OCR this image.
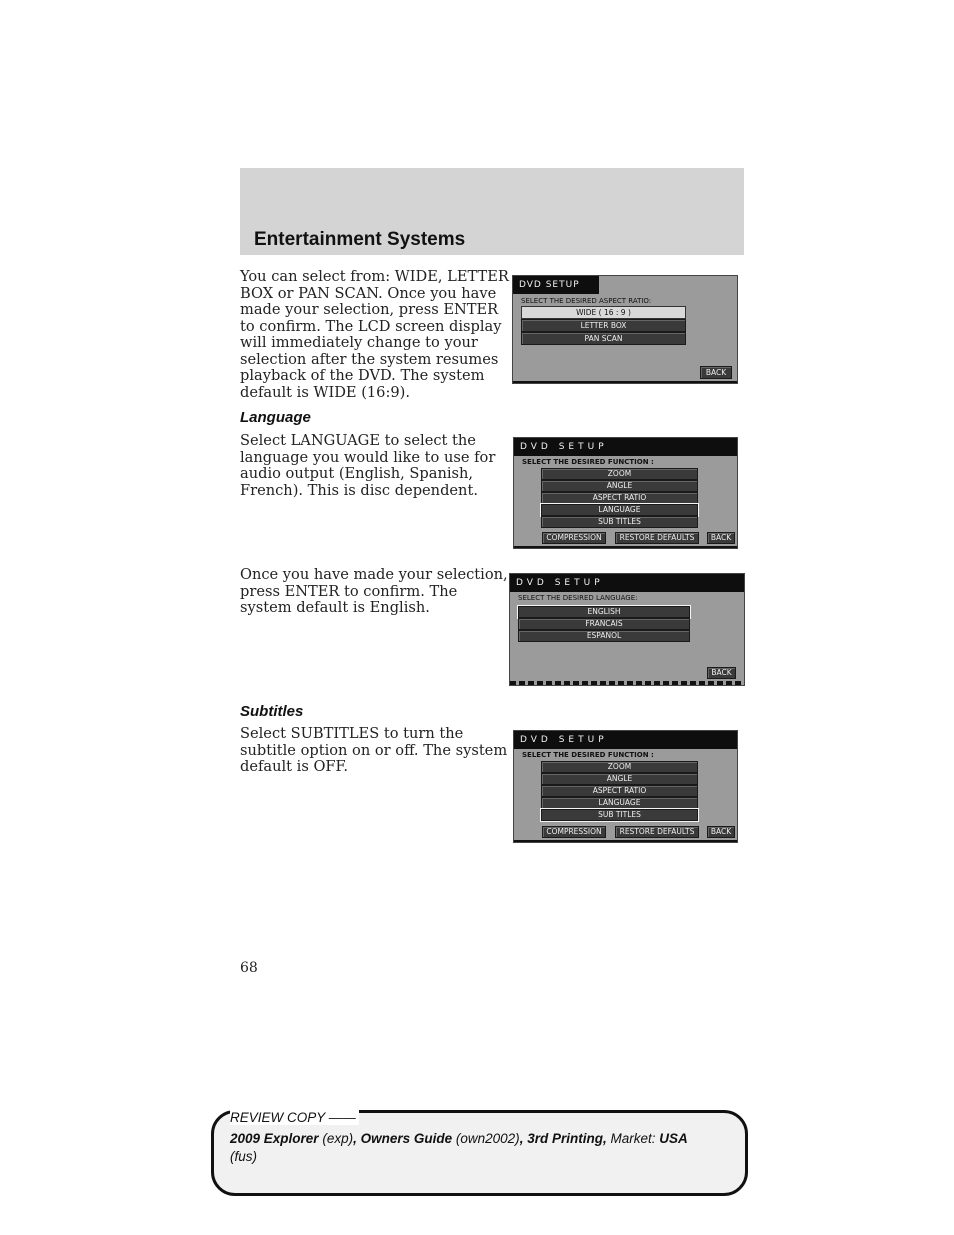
Entertainment Systems
You can select from: WIDE, LETTER
BOX or PAN SCAN. Once you have
made your selection, press ENTER
to confirm. The LCD screen display
will immediately change to your
selection after the system resumes
playback of the DVD. The system
default is WIDE (16:9).
DVD SETUP
SELECT THE DESIRED ASPECT RATIO:
WIDE ( 16 : 9 )
LETTER BOX
PAN SCAN
BACK
Language
Select LANGUAGE to select the
language you would like to use for
audio output (English, Spanish,
French). This is disc dependent.
DVD SETUP
SELECT THE DESIRED FUNCTION :
ZOOM
ANGLE
ASPECT RATIO
LANGUAGE
SUB TITLES
COMPRESSION	RESTORE DEFAULTS	BACK
Once you have made your selection,
press ENTER to confirm. The
system default is English.
DVD SETUP
SELECT THE DESIRED LANGUAGE:
ENGLISH
FRANCAIS
ESPANOL
BACK
Subtitles
Select SUBTITLES to turn the
subtitle option on or off. The system
default is OFF.
DVD SETUP
SELECT THE DESIRED FUNCTION :
ZOOM
ANGLE
ASPECT RATIO
LANGUAGE
SUB TITLES
COMPRESSION	RESTORE DEFAULTS	BACK
68
REVIEW COPY ——
2009 Explorer (exp), Owners Guide (own2002), 3rd Printing, Market: USA
(fus)
